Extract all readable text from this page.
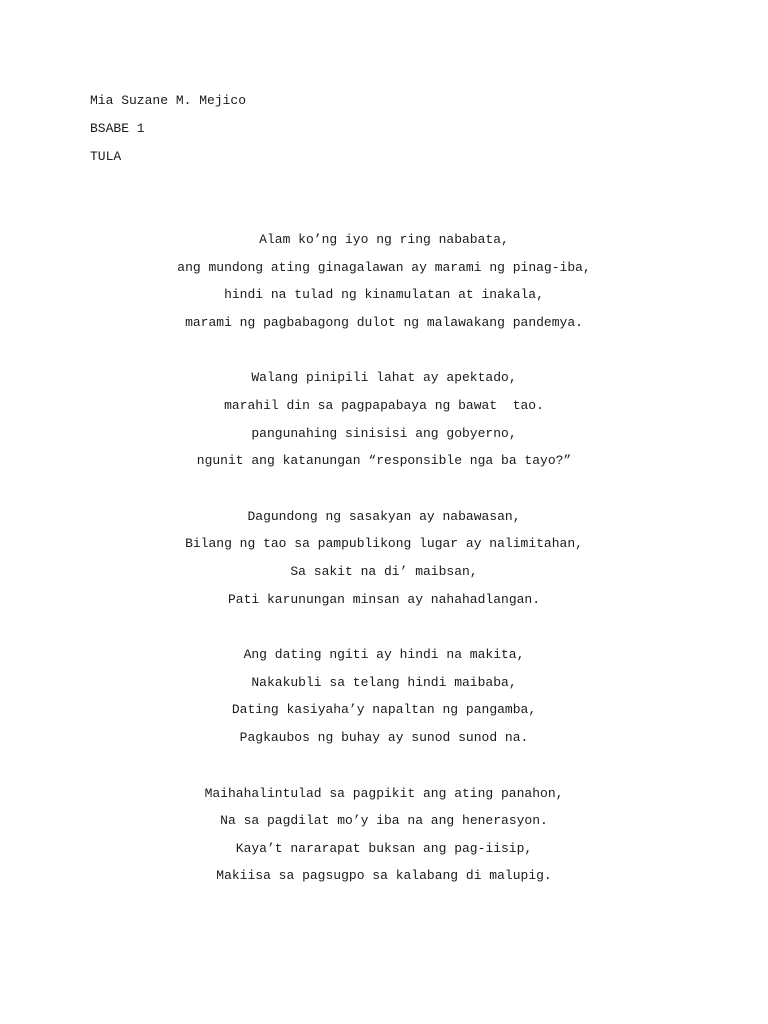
Mia Suzane M. Mejico
BSABE 1
TULA
Alam ko’ng iyo ng ring nababata,
ang mundong ating ginagalawan ay marami ng pinag-iba,
hindi na tulad ng kinamulatan at inakala,
marami ng pagbabagong dulot ng malawakang pandemya.
Walang pinipili lahat ay apektado,
marahil din sa pagpapabaya ng bawat  tao.
pangunahing sinisisi ang gobyerno,
ngunit ang katanungan “responsible nga ba tayo?”
Dagundong ng sasakyan ay nabawasan,
Bilang ng tao sa pampublikong lugar ay nalimitahan,
Sa sakit na di’ maibsan,
Pati karunungan minsan ay nahahadlangan.
Ang dating ngiti ay hindi na makita,
Nakakubli sa telang hindi maibaba,
Dating kasiyaha’y napaltan ng pangamba,
Pagkaubos ng buhay ay sunod sunod na.
Maihahalintulad sa pagpikit ang ating panahon,
Na sa pagdilat mo’y iba na ang henerasyon.
Kaya’t nararapat buksan ang pag-iisip,
Makiisa sa pagsugpo sa kalabang di malupig.
